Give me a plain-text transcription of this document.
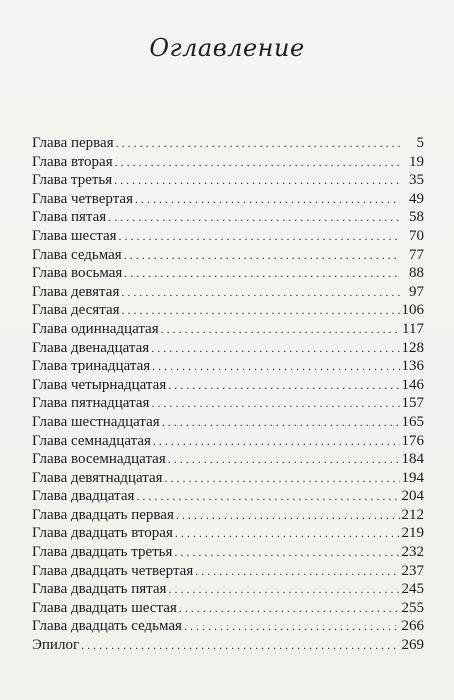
Оглавление
Глава первая . . .	5
Глава вторая . . .	19
Глава третья . . .	35
Глава четвертая . . .	49
Глава пятая . . .	58
Глава шестая . . .	70
Глава седьмая . . .	77
Глава восьмая . . .	88
Глава девятая . . .	97
Глава десятая . . .	106
Глава одиннадцатая . . .	117
Глава двенадцатая . . .	128
Глава тринадцатая . . .	136
Глава четырнадцатая . . .	146
Глава пятнадцатая . . .	157
Глава шестнадцатая . . .	165
Глава семнадцатая . . .	176
Глава восемнадцатая . . .	184
Глава девятнадцатая . . .	194
Глава двадцатая . . .	204
Глава двадцать первая . . .	212
Глава двадцать вторая . . .	219
Глава двадцать третья . . .	232
Глава двадцать четвертая . . .	237
Глава двадцать пятая . . .	245
Глава двадцать шестая . . .	255
Глава двадцать седьмая . . .	266
Эпилог . . .	269
